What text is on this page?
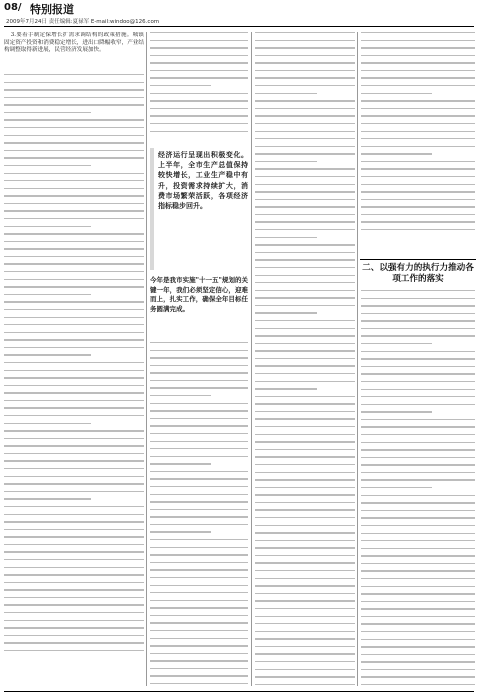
08/ 特别报道
2009年7月24日 责任编辑:夏禄军 E-mail:windoo@126.com

3.要着手制定保增长扩需求调结构的政策措施。城镇固定资产投资和消费稳定增长，进出口降幅收窄，产业结构调整取得新进展，民营经济发展加快。

经济运行呈现出积极变化。上半年，全市生产总值保持较快增长，工业生产稳中有升，投资需求持续扩大，消费市场繁荣活跃，各项经济指标稳步回升。
今年是我市实施"十一五"规划的关键一年，我们必须坚定信心，迎难而上，扎实工作，确保全年目标任务圆满完成。
二、以强有力的执行力推动各项工作的落实
